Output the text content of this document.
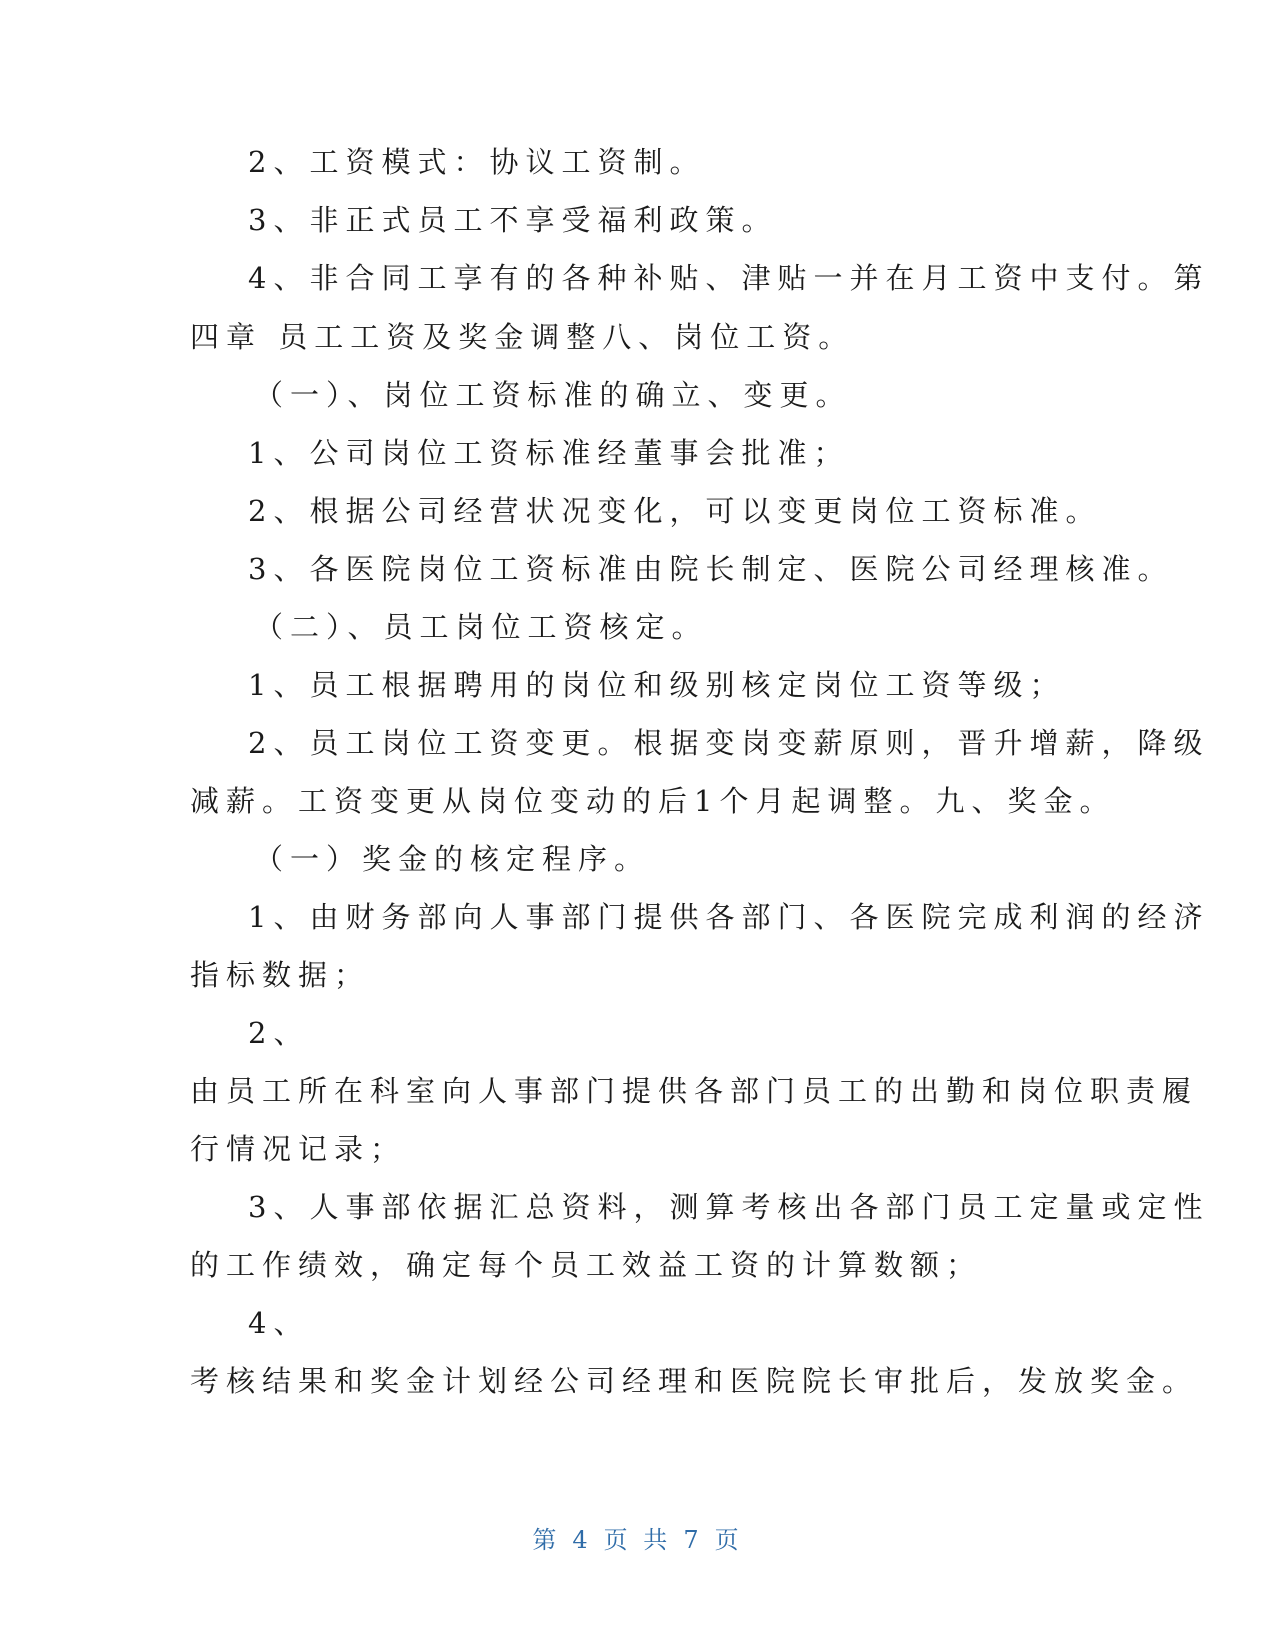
2、工资模式：协议工资制。
3、非正式员工不享受福利政策。
4、非合同工享有的各种补贴、津贴一并在月工资中支付。第
四章 员工工资及奖金调整八、岗位工资。
（一）、岗位工资标准的确立、变更。
1、公司岗位工资标准经董事会批准；
2、根据公司经营状况变化，可以变更岗位工资标准。
3、各医院岗位工资标准由院长制定、医院公司经理核准。
（二）、员工岗位工资核定。
1、员工根据聘用的岗位和级别核定岗位工资等级；
2、员工岗位工资变更。根据变岗变薪原则，晋升增薪，降级
减薪。工资变更从岗位变动的后1个月起调整。九、奖金。
（一）奖金的核定程序。
1、由财务部向人事部门提供各部门、各医院完成利润的经济
指标数据；
2、
由员工所在科室向人事部门提供各部门员工的出勤和岗位职责履
行情况记录；
3、人事部依据汇总资料，测算考核出各部门员工定量或定性
的工作绩效，确定每个员工效益工资的计算数额；
4、
考核结果和奖金计划经公司经理和医院院长审批后，发放奖金。
第 4 页 共 7 页
